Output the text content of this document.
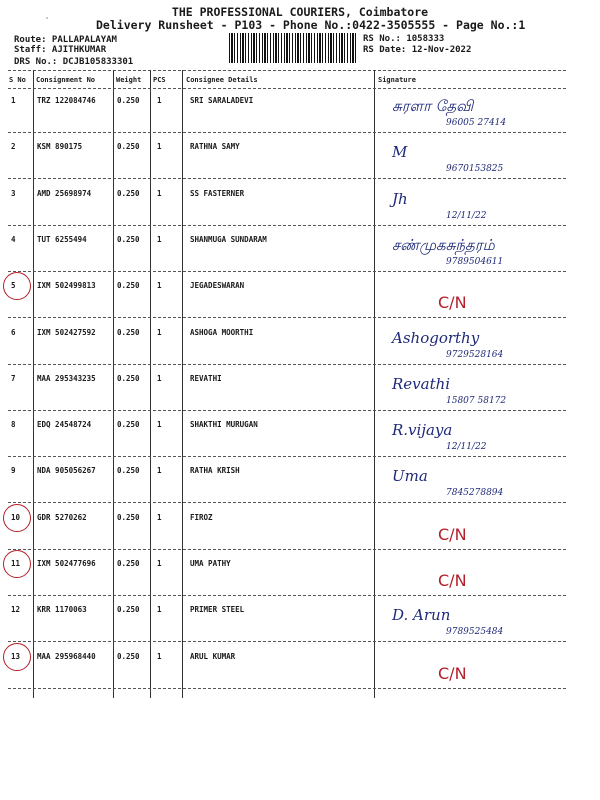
THE PROFESSIONAL COURIERS, Coimbatore
Delivery Runsheet - P103 - Phone No.:0422-3505555 - Page No.:1
Route: PALLAPALAYAM
˙
Staff: AJITHKUMAR
DRS No.: DCJB105833301
RS No.: 1058333
RS Date: 12-Nov-2022
S No Consignment No	Weight PCS	Consignee Details	Signature
1	TRZ 122084746	0.250 1	SRI SARALADEVI	சுரளா தேவி
96005 27414
2	KSM 890175	0.250 1	RATHNA SAMY	M
9670153825
3	AMD 25698974	0.250 1	SS FASTERNER	Jh
12/11/22
4	TUT 6255494	0.250 1	SHANMUGA SUNDARAM	சண்முகசுந்தரம்
9789504611
5	IXM 502499813	0.250 1	JEGADESWARAN
C/N
6	IXM 502427592	0.250 1	ASHOGA MOORTHI	Ashogorthy
9729528164
7	MAA 295343235	0.250 1	REVATHI	Revathi
15807 58172
8	EDQ 24548724	0.250 1	SHAKTHI MURUGAN	R.vijaya
12/11/22
9	NDA 905056267	0.250 1	RATHA KRISH	Uma
7845278894
10 GDR 5270262	0.250 1	FIROZ
C/N
11 IXM 502477696	0.250 1	UMA PATHY
C/N
12 KRR 1170063	0.250 1	PRIMER STEEL	D. Arun
9789525484
13 MAA 295968440	0.250 1	ARUL KUMAR
C/N
